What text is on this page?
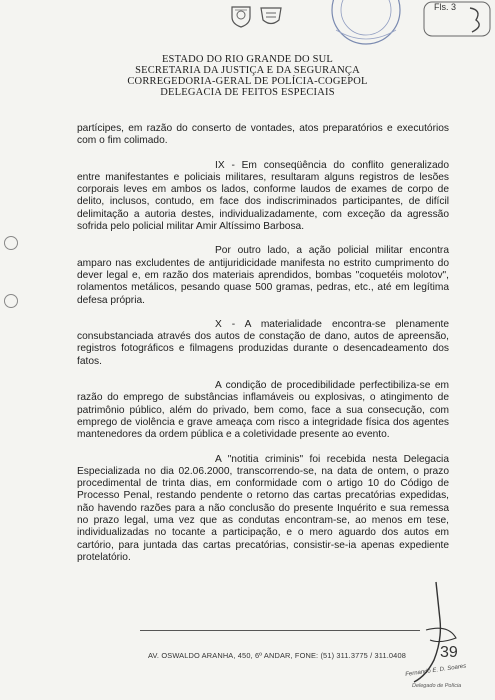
Fls. 3
ESTADO DO RIO GRANDE DO SUL
SECRETARIA DA JUSTIÇA E DA SEGURANÇA
CORREGEDORIA-GERAL DE POLÍCIA-COGEPOL
DELEGACIA DE FEITOS ESPECIAIS

partícipes, em razão do conserto de vontades, atos preparatórios e executórios com o fim colimado.

IX - Em conseqüência do conflito generalizado entre manifestantes e policiais militares, resultaram alguns registros de lesões corporais leves em ambos os lados, conforme laudos de exames de corpo de delito, inclusos, contudo, em face dos indiscriminados participantes, de difícil delimitação a autoria destes, individualizadamente, com exceção da agressão sofrida pelo policial militar Amir Altíssimo Barbosa.

Por outro lado, a ação policial militar encontra amparo nas excludentes de antijuridicidade manifesta no estrito cumprimento do dever legal e, em razão dos materiais aprendidos, bombas "coquetéis molotov", rolamentos metálicos, pesando quase 500 gramas, pedras, etc., até em legítima defesa própria.

X - A materialidade encontra-se plenamente consubstanciada através dos autos de constação de dano, autos de apreensão, registros fotográficos e filmagens produzidas durante o desencadeamento dos fatos.

A condição de procedibilidade perfectibiliza-se em razão do emprego de substâncias inflamáveis ou explosivas, o atingimento de patrimônio público, além do privado, bem como, face a sua consecução, com emprego de violência e grave ameaça com risco a integridade física dos agentes mantenedores da ordem pública e a coletividade presente ao evento.

A "notitia criminis" foi recebida nesta Delegacia Especializada no dia 02.06.2000, transcorrendo-se, na data de ontem, o prazo procedimental de trinta dias, em conformidade com o artigo 10 do Código de Processo Penal, restando pendente o retorno das cartas precatórias expedidas, não havendo razões para a não conclusão do presente Inquérito e sua remessa no prazo legal, uma vez que as condutas encontram-se, ao menos em tese, individualizadas no tocante a participação, e o mero aguardo dos autos em cartório, para juntada das cartas precatórias, consistir-se-ia apenas expediente protelatório.

AV. OSWALDO ARANHA, 450, 6º ANDAR, FONE: (51) 311.3775 / 311.0408 39
Fernando E. D. Soares
Delegado de Polícia
